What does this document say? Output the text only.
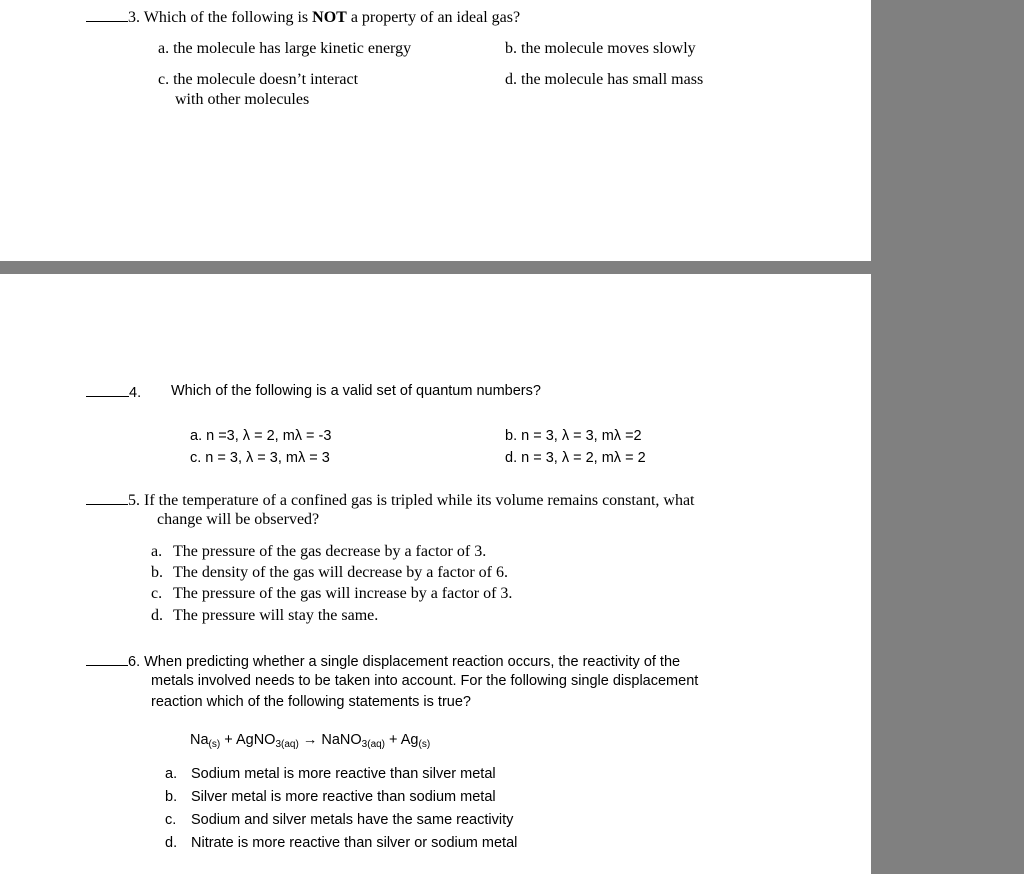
3. Which of the following is NOT a property of an ideal gas?
a. the molecule has large kinetic energy	b. the molecule moves slowly
c. the molecule doesn’t interact
with other molecules
d. the molecule has small mass
4. Which of the following is a valid set of quantum numbers?
a. n =3, λ = 2, mλ = -3	b. n = 3, λ = 3, mλ =2
c. n = 3, λ = 3, mλ = 3	d. n = 3, λ = 2, mλ = 2
5. If the temperature of a confined gas is tripled while its volume remains constant, what
change will be observed?
a. The pressure of the gas decrease by a factor of 3.
b. The density of the gas will decrease by a factor of 6.
c. The pressure of the gas will increase by a factor of 3.
d. The pressure will stay the same.
6. When predicting whether a single displacement reaction occurs, the reactivity of the
metals involved needs to be taken into account. For the following single displacement
reaction which of the following statements is true?
$Na_{(s)}$ + AgNO$_{3(aq)}$ → NaNO$_{3(aq)}$ + $Ag_{(s)}$
a. Sodium metal is more reactive than silver metal
b. Silver metal is more reactive than sodium metal
c. Sodium and silver metals have the same reactivity
d. Nitrate is more reactive than silver or sodium metal
